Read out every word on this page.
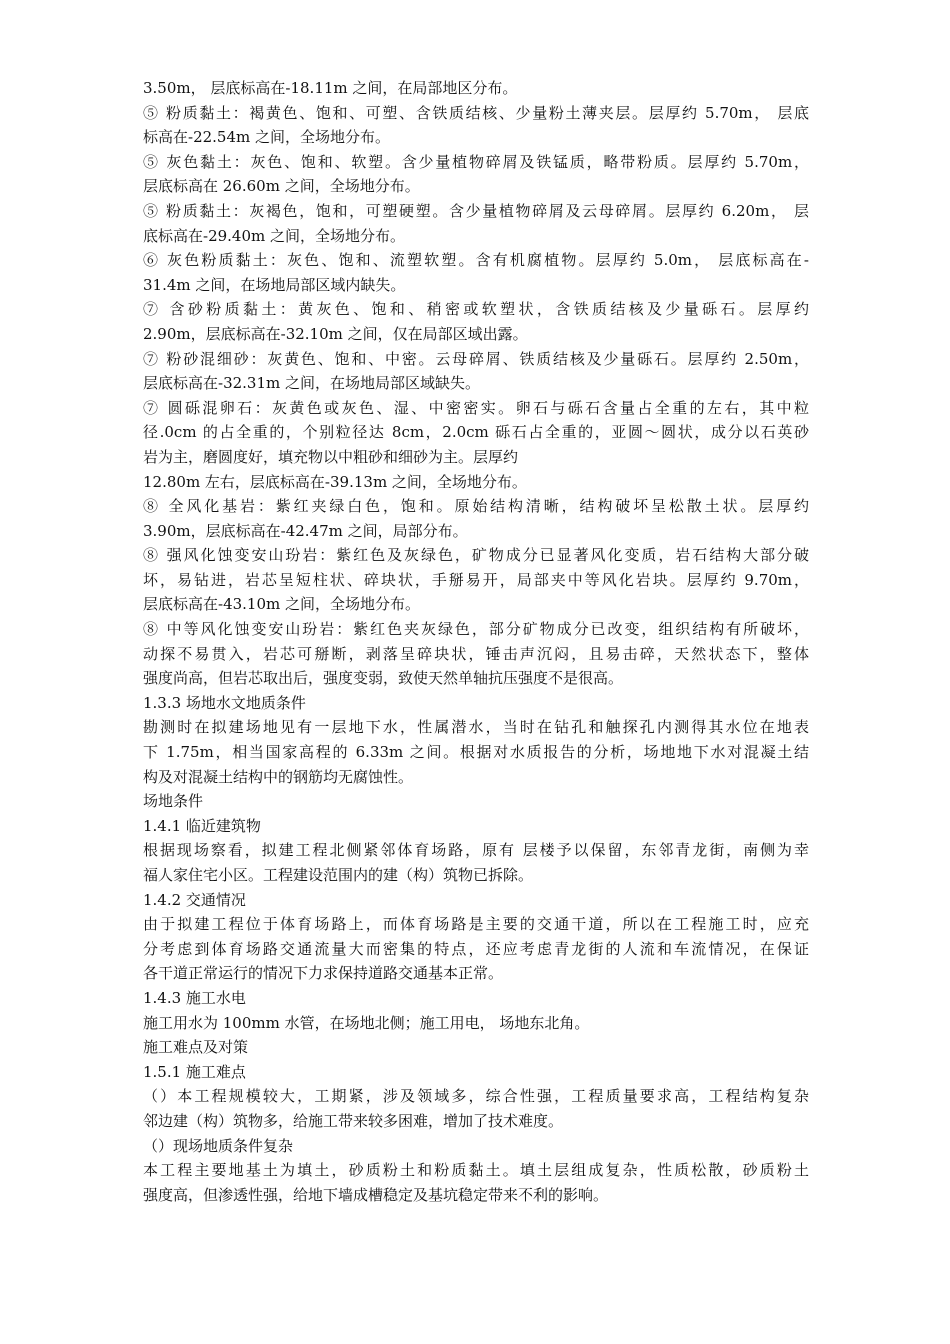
3.50m， 层底标高在-18.11m 之间，在局部地区分布。
⑤ 粉质黏土：褐黄色、饱和、可塑、含铁质结核、少量粉土薄夹层。层厚约 5.70m， 层底
标高在-22.54m 之间，全场地分布。
⑤ 灰色黏土：灰色、饱和、软塑。含少量植物碎屑及铁锰质，略带粉质。层厚约 5.70m，
层底标高在 26.60m 之间，全场地分布。
⑤ 粉质黏土：灰褐色，饱和，可塑硬塑。含少量植物碎屑及云母碎屑。层厚约 6.20m， 层
底标高在-29.40m 之间，全场地分布。
⑥ 灰色粉质黏土：灰色、饱和、流塑软塑。含有机腐植物。层厚约 5.0m， 层底标高在-
31.4m 之间，在场地局部区域内缺失。
⑦ 含砂粉质黏土：黄灰色、饱和、稍密或软塑状，含铁质结核及少量砾石。层厚约
2.90m，层底标高在-32.10m 之间，仅在局部区域出露。
⑦ 粉砂混细砂：灰黄色、饱和、中密。云母碎屑、铁质结核及少量砾石。层厚约 2.50m，
层底标高在-32.31m 之间，在场地局部区域缺失。
⑦ 圆砾混卵石：灰黄色或灰色、湿、中密密实。卵石与砾石含量占全重的左右，其中粒
径.0cm 的占全重的，个别粒径达 8cm，2.0cm 砾石占全重的，亚圆～圆状，成分以石英砂
岩为主，磨圆度好，填充物以中粗砂和细砂为主。层厚约
12.80m 左右，层底标高在-39.13m 之间，全场地分布。
⑧ 全风化基岩：紫红夹绿白色，饱和。原始结构清晰，结构破坏呈松散土状。层厚约
3.90m，层底标高在-42.47m 之间，局部分布。
⑧ 强风化蚀变安山玢岩：紫红色及灰绿色，矿物成分已显著风化变质，岩石结构大部分破
坏，易钻进，岩芯呈短柱状、碎块状，手掰易开，局部夹中等风化岩块。层厚约 9.70m，
层底标高在-43.10m 之间，全场地分布。
⑧ 中等风化蚀变安山玢岩：紫红色夹灰绿色，部分矿物成分已改变，组织结构有所破坏，
动探不易贯入，岩芯可掰断，剥落呈碎块状，锤击声沉闷，且易击碎，天然状态下，整体
强度尚高，但岩芯取出后，强度变弱，致使天然单轴抗压强度不是很高。
1.3.3 场地水文地质条件
勘测时在拟建场地见有一层地下水，性属潜水，当时在钻孔和触探孔内测得其水位在地表
下 1.75m，相当国家高程的 6.33m 之间。根据对水质报告的分析，场地地下水对混凝土结
构及对混凝土结构中的钢筋均无腐蚀性。
场地条件
1.4.1 临近建筑物
根据现场察看，拟建工程北侧紧邻体育场路，原有 层楼予以保留，东邻青龙街，南侧为幸
福人家住宅小区。工程建设范围内的建（构）筑物已拆除。
1.4.2 交通情况
由于拟建工程位于体育场路上，而体育场路是主要的交通干道，所以在工程施工时，应充
分考虑到体育场路交通流量大而密集的特点，还应考虑青龙街的人流和车流情况，在保证
各干道正常运行的情况下力求保持道路交通基本正常。
1.4.3 施工水电
施工用水为 100mm 水管，在场地北侧；施工用电， 场地东北角。
施工难点及对策
1.5.1 施工难点
（）本工程规模较大，工期紧，涉及领域多，综合性强，工程质量要求高，工程结构复杂
邻边建（构）筑物多，给施工带来较多困难，增加了技术难度。
（）现场地质条件复杂
本工程主要地基土为填土，砂质粉土和粉质黏土。填土层组成复杂，性质松散，砂质粉土
强度高，但渗透性强，给地下墙成槽稳定及基坑稳定带来不利的影响。
